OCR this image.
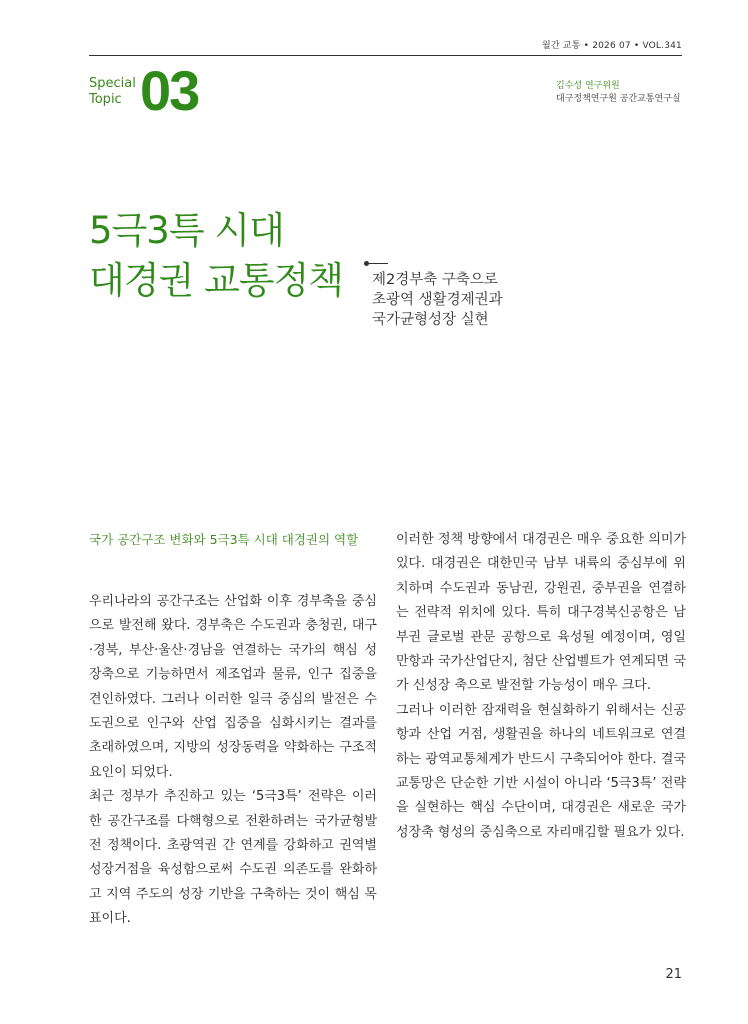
월간 교통 • 2026 07 • VOL.341
Special
Topic 03	김수성 연구위원
대구정책연구원 공간교통연구실
5극3특 시대
대경권 교통정책 제2경부축 구축으로
초광역 생활경제권과
국가균형성장 실현
국가 공간구조 변화와 5극3특 시대 대경권의 역할

우리나라의 공간구조는 산업화 이후 경부축을 중심으로 발전해 왔다. 경부축은 수도권과 충청권, 대구·경북, 부산·울산·경남을 연결하는 국가의 핵심 성장축으로 기능하면서 제조업과 물류, 인구 집중을 견인하였다. 그러나 이러한 일극 중심의 발전은 수도권으로 인구와 산업 집중을 심화시키는 결과를 초래하였으며, 지방의 성장동력을 약화하는 구조적 요인이 되었다.

최근 정부가 추진하고 있는 ‘5극3특’ 전략은 이러한 공간구조를 다핵형으로 전환하려는 국가균형발전 정책이다. 초광역권 간 연계를 강화하고 권역별 성장거점을 육성함으로써 수도권 의존도를 완화하고 지역 주도의 성장 기반을 구축하는 것이 핵심 목표이다.

이러한 정책 방향에서 대경권은 매우 중요한 의미가 있다. 대경권은 대한민국 남부 내륙의 중심부에 위치하며 수도권과 동남권, 강원권, 중부권을 연결하는 전략적 위치에 있다. 특히 대구경북신공항은 남부권 글로벌 관문 공항으로 육성될 예정이며, 영일만항과 국가산업단지, 첨단 산업벨트가 연계되면 국가 신성장 축으로 발전할 가능성이 매우 크다.

그러나 이러한 잠재력을 현실화하기 위해서는 신공항과 산업 거점, 생활권을 하나의 네트워크로 연결하는 광역교통체계가 반드시 구축되어야 한다. 결국 교통망은 단순한 기반 시설이 아니라 ‘5극3특’ 전략을 실현하는 핵심 수단이며, 대경권은 새로운 국가 성장축 형성의 중심축으로 자리매김할 필요가 있다.

21
